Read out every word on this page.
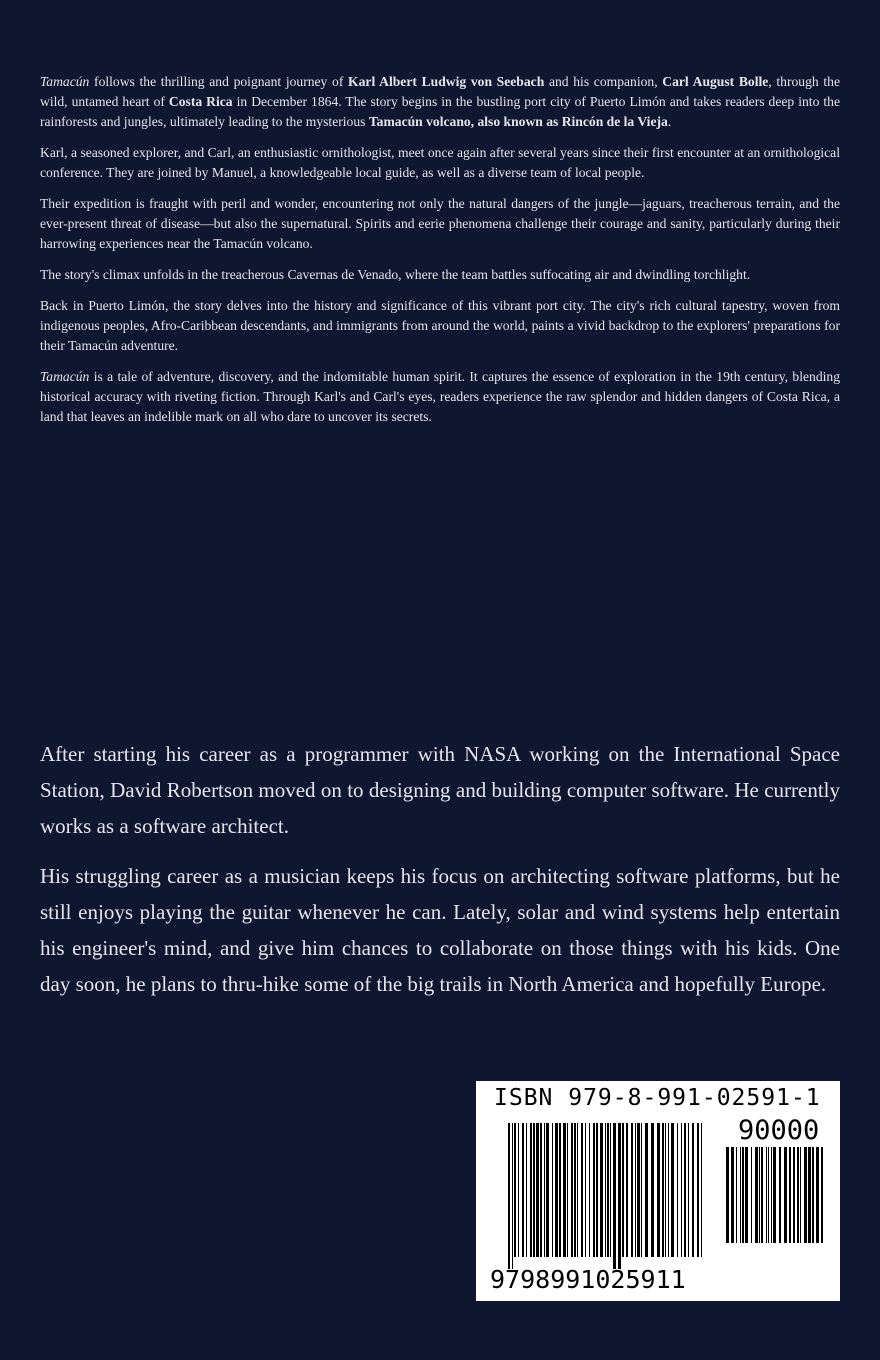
Tamacún follows the thrilling and poignant journey of Karl Albert Ludwig von Seebach and his companion, Carl August Bolle, through the wild, untamed heart of Costa Rica in December 1864. The story begins in the bustling port city of Puerto Limón and takes readers deep into the rainforests and jungles, ultimately leading to the mysterious Tamacún volcano, also known as Rincón de la Vieja.

Karl, a seasoned explorer, and Carl, an enthusiastic ornithologist, meet once again after several years since their first encounter at an ornithological conference. They are joined by Manuel, a knowledgeable local guide, as well as a diverse team of local people.

Their expedition is fraught with peril and wonder, encountering not only the natural dangers of the jungle—jaguars, treacherous terrain, and the ever-present threat of disease—but also the supernatural. Spirits and eerie phenomena challenge their courage and sanity, particularly during their harrowing experiences near the Tamacún volcano.

The story's climax unfolds in the treacherous Cavernas de Venado, where the team battles suffocating air and dwindling torchlight.

Back in Puerto Limón, the story delves into the history and significance of this vibrant port city. The city's rich cultural tapestry, woven from indigenous peoples, Afro-Caribbean descendants, and immigrants from around the world, paints a vivid backdrop to the explorers' preparations for their Tamacún adventure.

Tamacún is a tale of adventure, discovery, and the indomitable human spirit. It captures the essence of exploration in the 19th century, blending historical accuracy with riveting fiction. Through Karl's and Carl's eyes, readers experience the raw splendor and hidden dangers of Costa Rica, a land that leaves an indelible mark on all who dare to uncover its secrets.

After starting his career as a programmer with NASA working on the International Space Station, David Robertson moved on to designing and building computer software. He currently works as a software architect.

His struggling career as a musician keeps his focus on architecting software platforms, but he still enjoys playing the guitar whenever he can. Lately, solar and wind systems help entertain his engineer's mind, and give him chances to collaborate on those things with his kids. One day soon, he plans to thru-hike some of the big trails in North America and hopefully Europe.

ISBN 979-8-991-02591-1
90000
9798991025911
